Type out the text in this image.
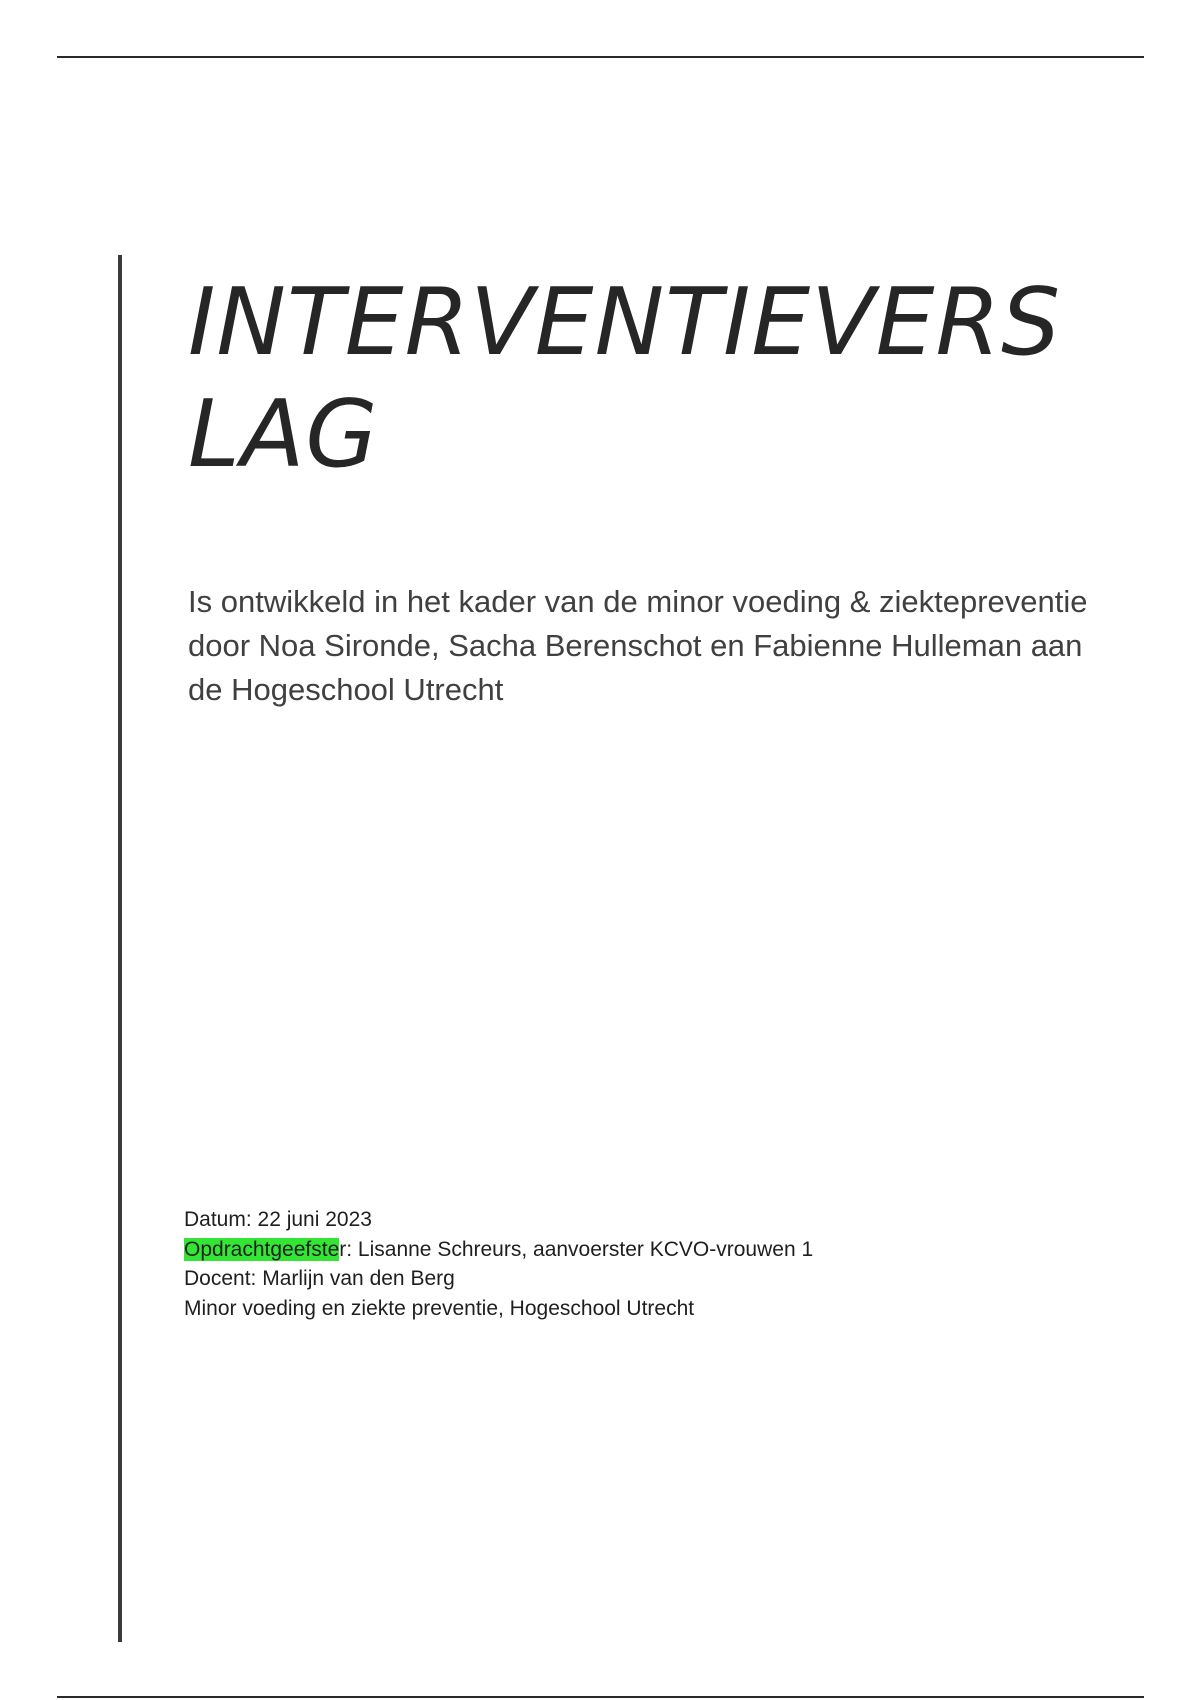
INTERVENTIEVERS
LAG

Is ontwikkeld in het kader van de minor voeding & ziektepreventie door Noa Sironde, Sacha Berenschot en Fabienne Hulleman aan de Hogeschool Utrecht

Datum: 22 juni 2023
Opdrachtgeefster: Lisanne Schreurs, aanvoerster KCVO-vrouwen 1
Docent: Marlijn van den Berg
Minor voeding en ziekte preventie, Hogeschool Utrecht
